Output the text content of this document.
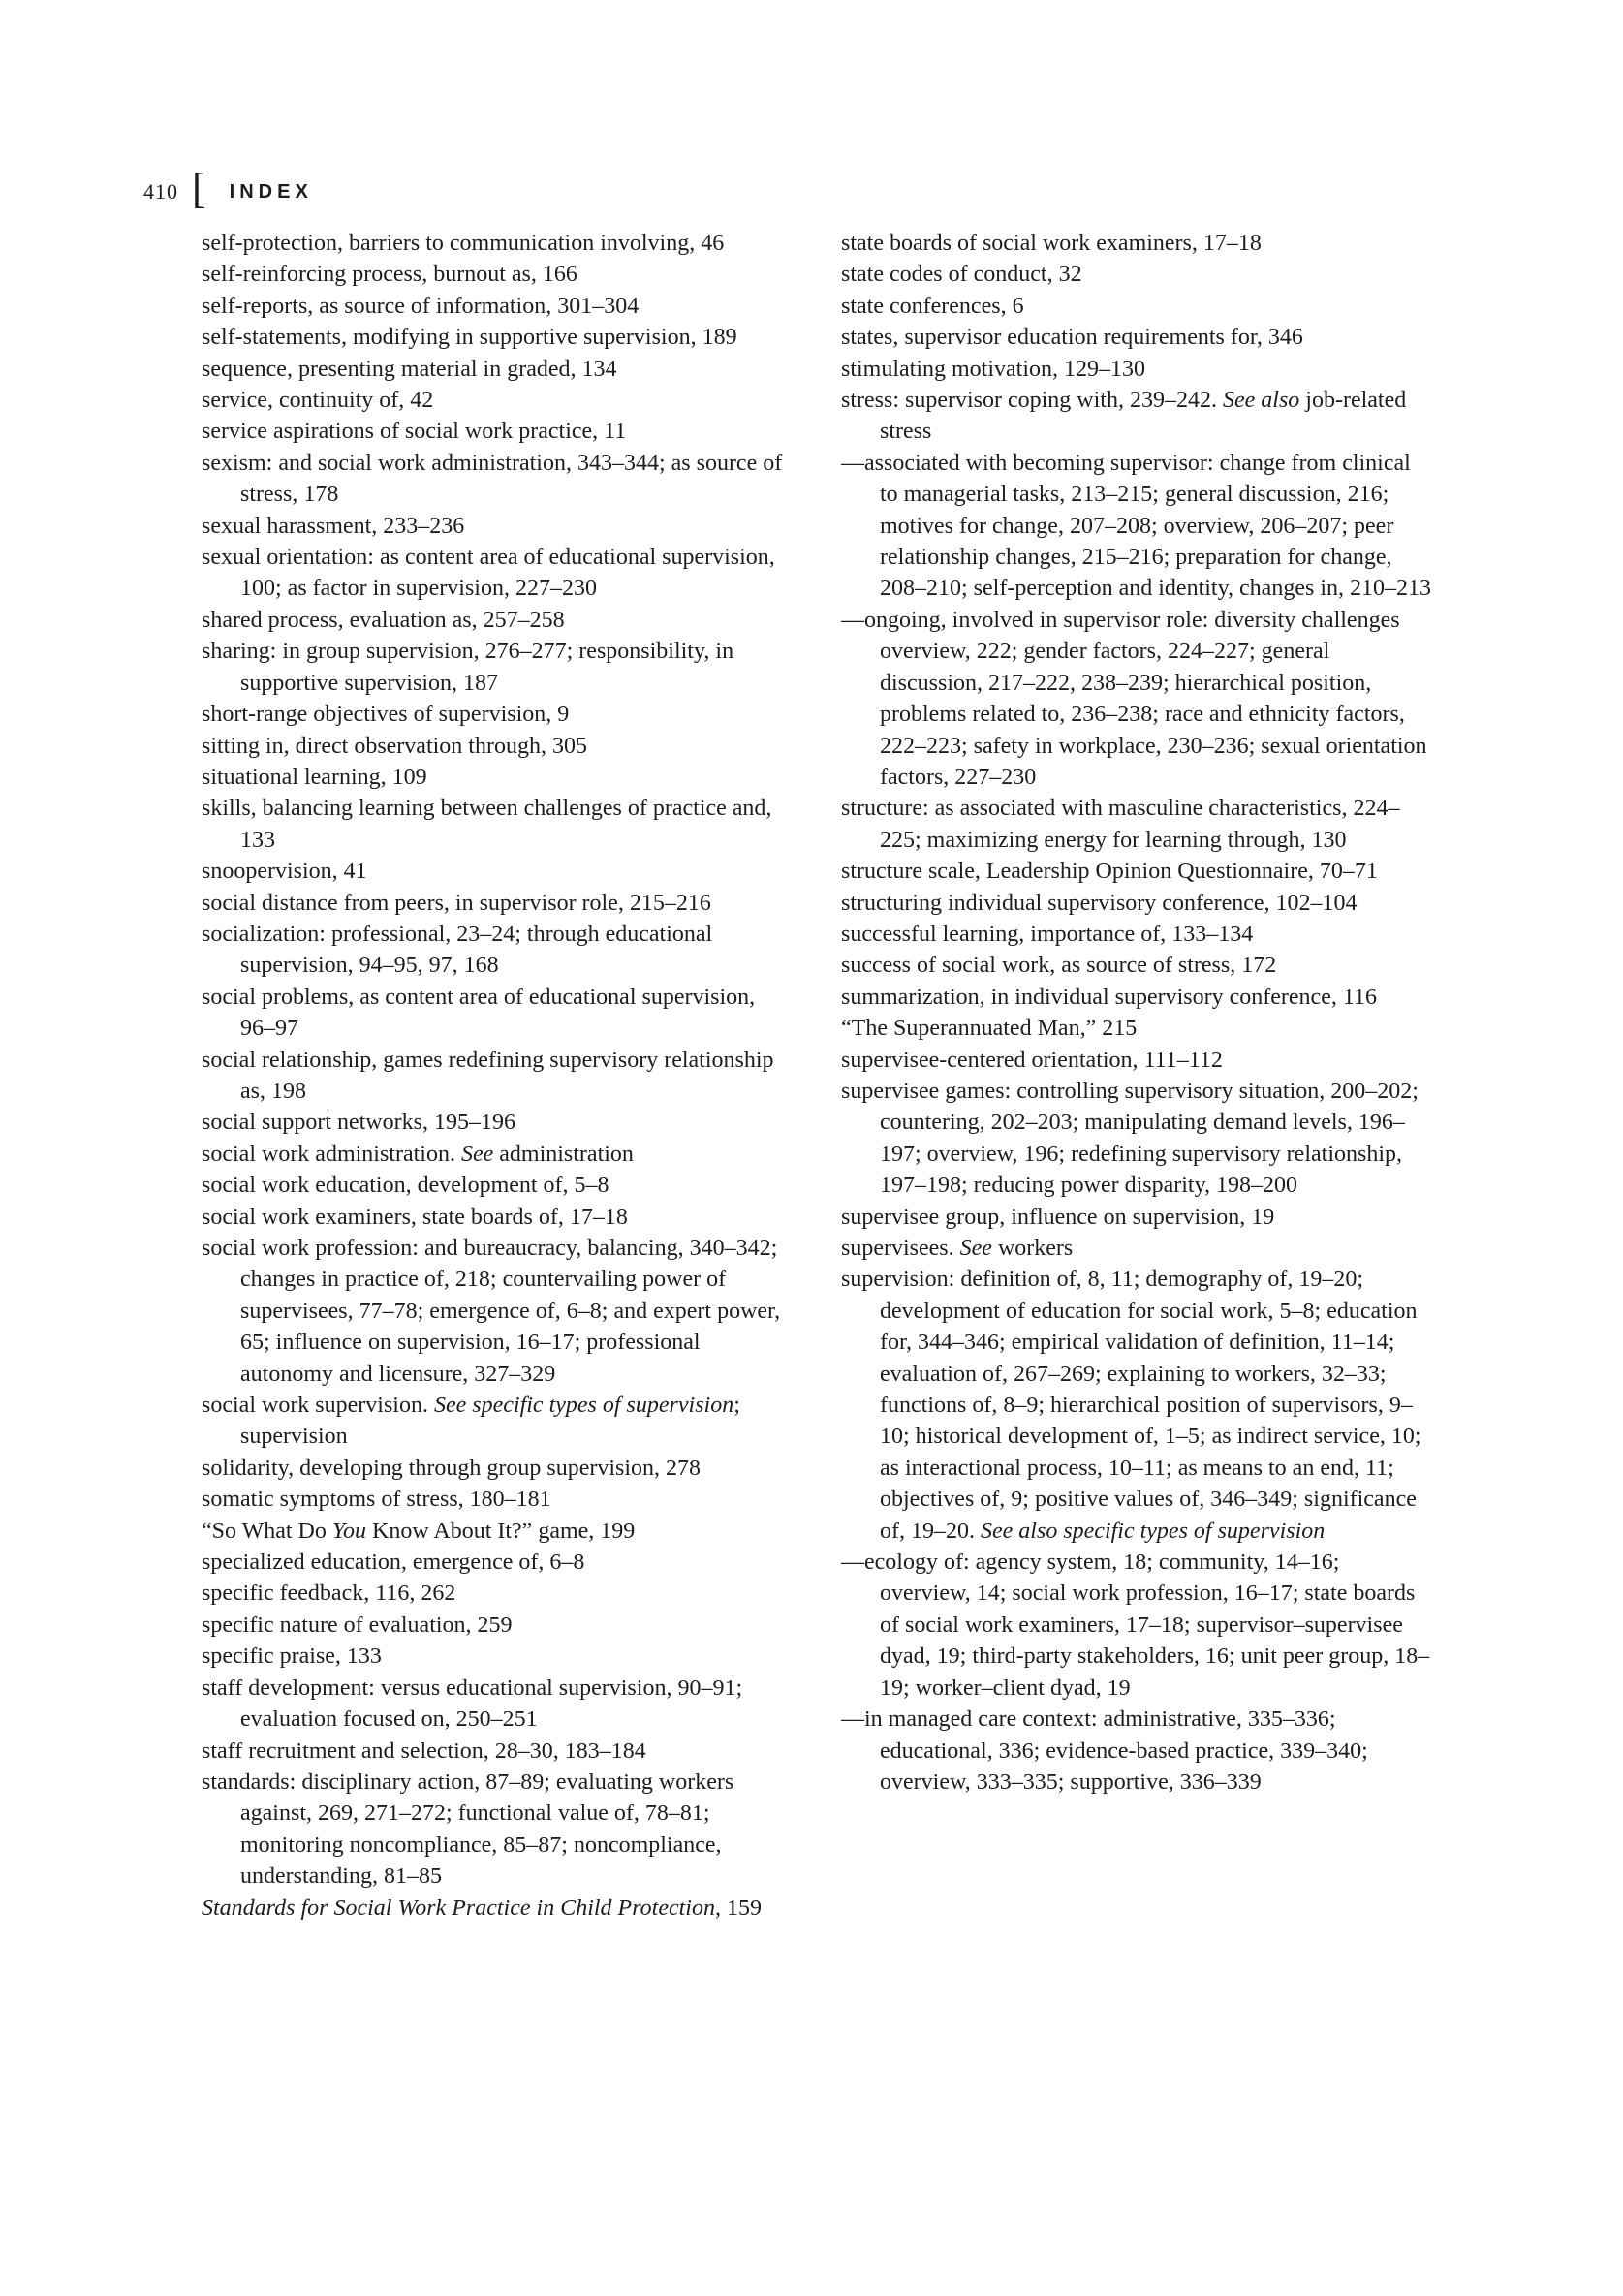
410 [ INDEX
self-protection, barriers to communication involving, 46
self-reinforcing process, burnout as, 166
self-reports, as source of information, 301–304
self-statements, modifying in supportive supervision, 189
sequence, presenting material in graded, 134
service, continuity of, 42
service aspirations of social work practice, 11
sexism: and social work administration, 343–344; as source of stress, 178
sexual harassment, 233–236
sexual orientation: as content area of educational supervision, 100; as factor in supervision, 227–230
shared process, evaluation as, 257–258
sharing: in group supervision, 276–277; responsibility, in supportive supervision, 187
short-range objectives of supervision, 9
sitting in, direct observation through, 305
situational learning, 109
skills, balancing learning between challenges of practice and, 133
snoopervision, 41
social distance from peers, in supervisor role, 215–216
socialization: professional, 23–24; through educational supervision, 94–95, 97, 168
social problems, as content area of educational supervision, 96–97
social relationship, games redefining supervisory relationship as, 198
social support networks, 195–196
social work administration. See administration
social work education, development of, 5–8
social work examiners, state boards of, 17–18
social work profession: and bureaucracy, balancing, 340–342; changes in practice of, 218; countervailing power of supervisees, 77–78; emergence of, 6–8; and expert power, 65; influence on supervision, 16–17; professional autonomy and licensure, 327–329
social work supervision. See specific types of supervision; supervision
solidarity, developing through group supervision, 278
somatic symptoms of stress, 180–181
“So What Do You Know About It?” game, 199
specialized education, emergence of, 6–8
specific feedback, 116, 262
specific nature of evaluation, 259
specific praise, 133
staff development: versus educational supervision, 90–91; evaluation focused on, 250–251
staff recruitment and selection, 28–30, 183–184
standards: disciplinary action, 87–89; evaluating workers against, 269, 271–272; functional value of, 78–81; monitoring noncompliance, 85–87; noncompliance, understanding, 81–85
Standards for Social Work Practice in Child Protection, 159
state boards of social work examiners, 17–18
state codes of conduct, 32
state conferences, 6
states, supervisor education requirements for, 346
stimulating motivation, 129–130
stress: supervisor coping with, 239–242. See also job-related stress
—associated with becoming supervisor: change from clinical to managerial tasks, 213–215; general discussion, 216; motives for change, 207–208; overview, 206–207; peer relationship changes, 215–216; preparation for change, 208–210; self-perception and identity, changes in, 210–213
—ongoing, involved in supervisor role: diversity challenges overview, 222; gender factors, 224–227; general discussion, 217–222, 238–239; hierarchical position, problems related to, 236–238; race and ethnicity factors, 222–223; safety in workplace, 230–236; sexual orientation factors, 227–230
structure: as associated with masculine characteristics, 224–225; maximizing energy for learning through, 130
structure scale, Leadership Opinion Questionnaire, 70–71
structuring individual supervisory conference, 102–104
successful learning, importance of, 133–134
success of social work, as source of stress, 172
summarization, in individual supervisory conference, 116
“The Superannuated Man,” 215
supervisee-centered orientation, 111–112
supervisee games: controlling supervisory situation, 200–202; countering, 202–203; manipulating demand levels, 196–197; overview, 196; redefining supervisory relationship, 197–198; reducing power disparity, 198–200
supervisee group, influence on supervision, 19
supervisees. See workers
supervision: definition of, 8, 11; demography of, 19–20; development of education for social work, 5–8; education for, 344–346; empirical validation of definition, 11–14; evaluation of, 267–269; explaining to workers, 32–33; functions of, 8–9; hierarchical position of supervisors, 9–10; historical development of, 1–5; as indirect service, 10; as interactional process, 10–11; as means to an end, 11; objectives of, 9; positive values of, 346–349; significance of, 19–20. See also specific types of supervision
—ecology of: agency system, 18; community, 14–16; overview, 14; social work profession, 16–17; state boards of social work examiners, 17–18; supervisor–supervisee dyad, 19; third-party stakeholders, 16; unit peer group, 18–19; worker–client dyad, 19
—in managed care context: administrative, 335–336; educational, 336; evidence-based practice, 339–340; overview, 333–335; supportive, 336–339
